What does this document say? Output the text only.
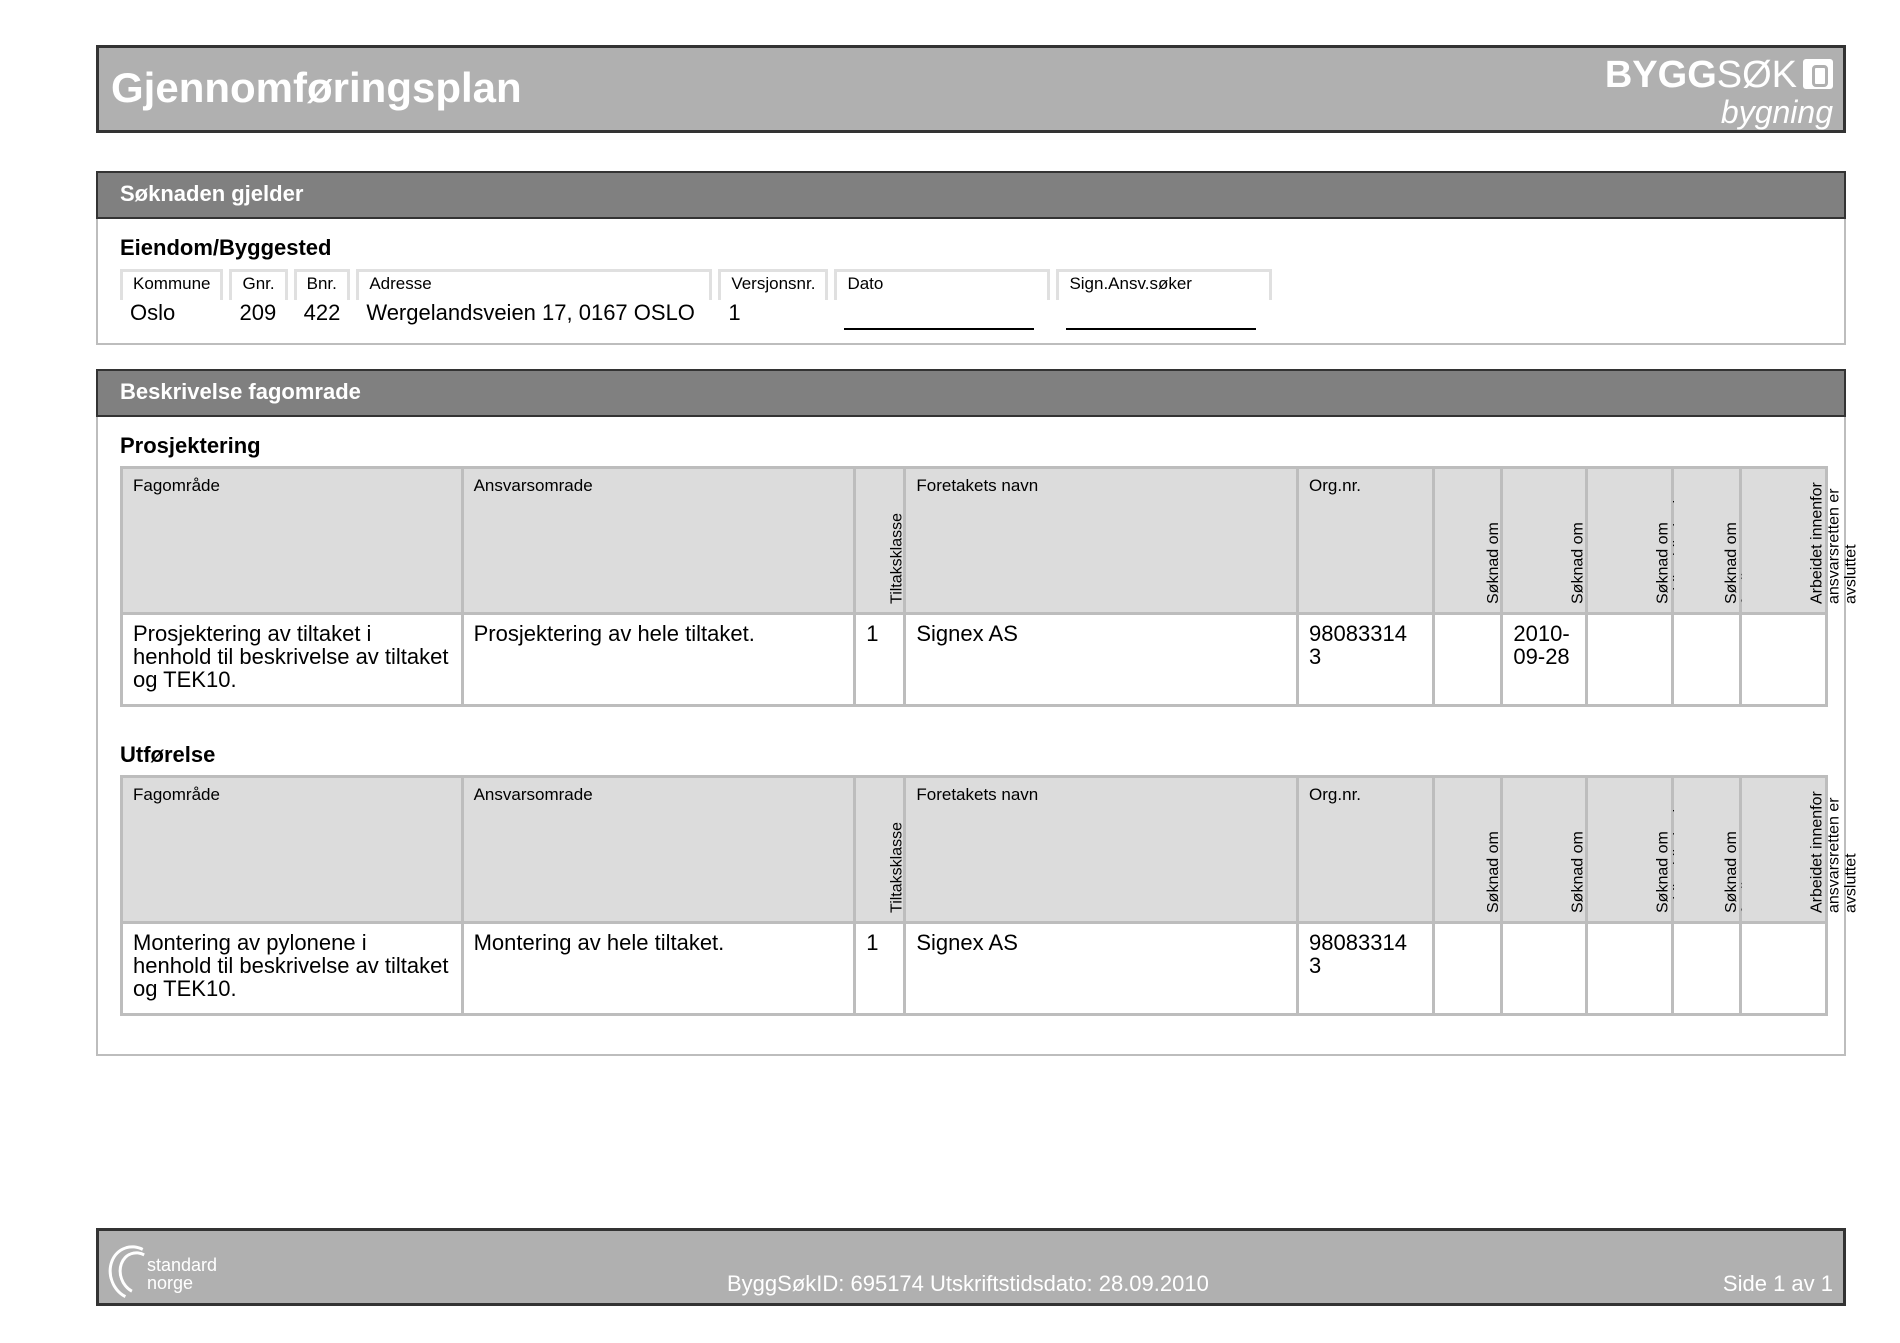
Gjennomføringsplan	BYGGSØK
bygning
Søknaden gjelder
Eiendom/Byggested
Kommune	Gnr.	Bnr.	Adresse	Versjonsnr.	Dato	Sign.Ansv.søker
Oslo	209	422	Wergelandsveien 17, 0167 OSLO	1	

Beskrivelse fagomrade
Prosjektering
Fagområde	Ansvarsomrade	Tiltaksklasse	Foretakets navn	Org.nr.	Søknad om	Søknad om	Søknad om	Søknad om	Arbeidet innenfor ansvarsretten er avsluttet

Prosjektering av tiltaket i henhold til beskrivelse av tiltaket og TEK10.	Prosjektering av hele tiltaket.	1	Signex AS	98083314 3		2010-09-28			
Utførelse
Fagområde	Ansvarsomrade	Tiltaksklasse	Foretakets navn	Org.nr.	Søknad om	Søknad om	Søknad om	Søknad om	Arbeidet innenfor ansvarsretten er avsluttet

Montering av pylonene i henhold til beskrivelse av tiltaket og TEK10.	Montering av hele tiltaket.	1	Signex AS	98083314 3					
standard
norge	ByggSøkID: 695174 Utskriftstidsdato: 28.09.2010	Side 1 av 1
